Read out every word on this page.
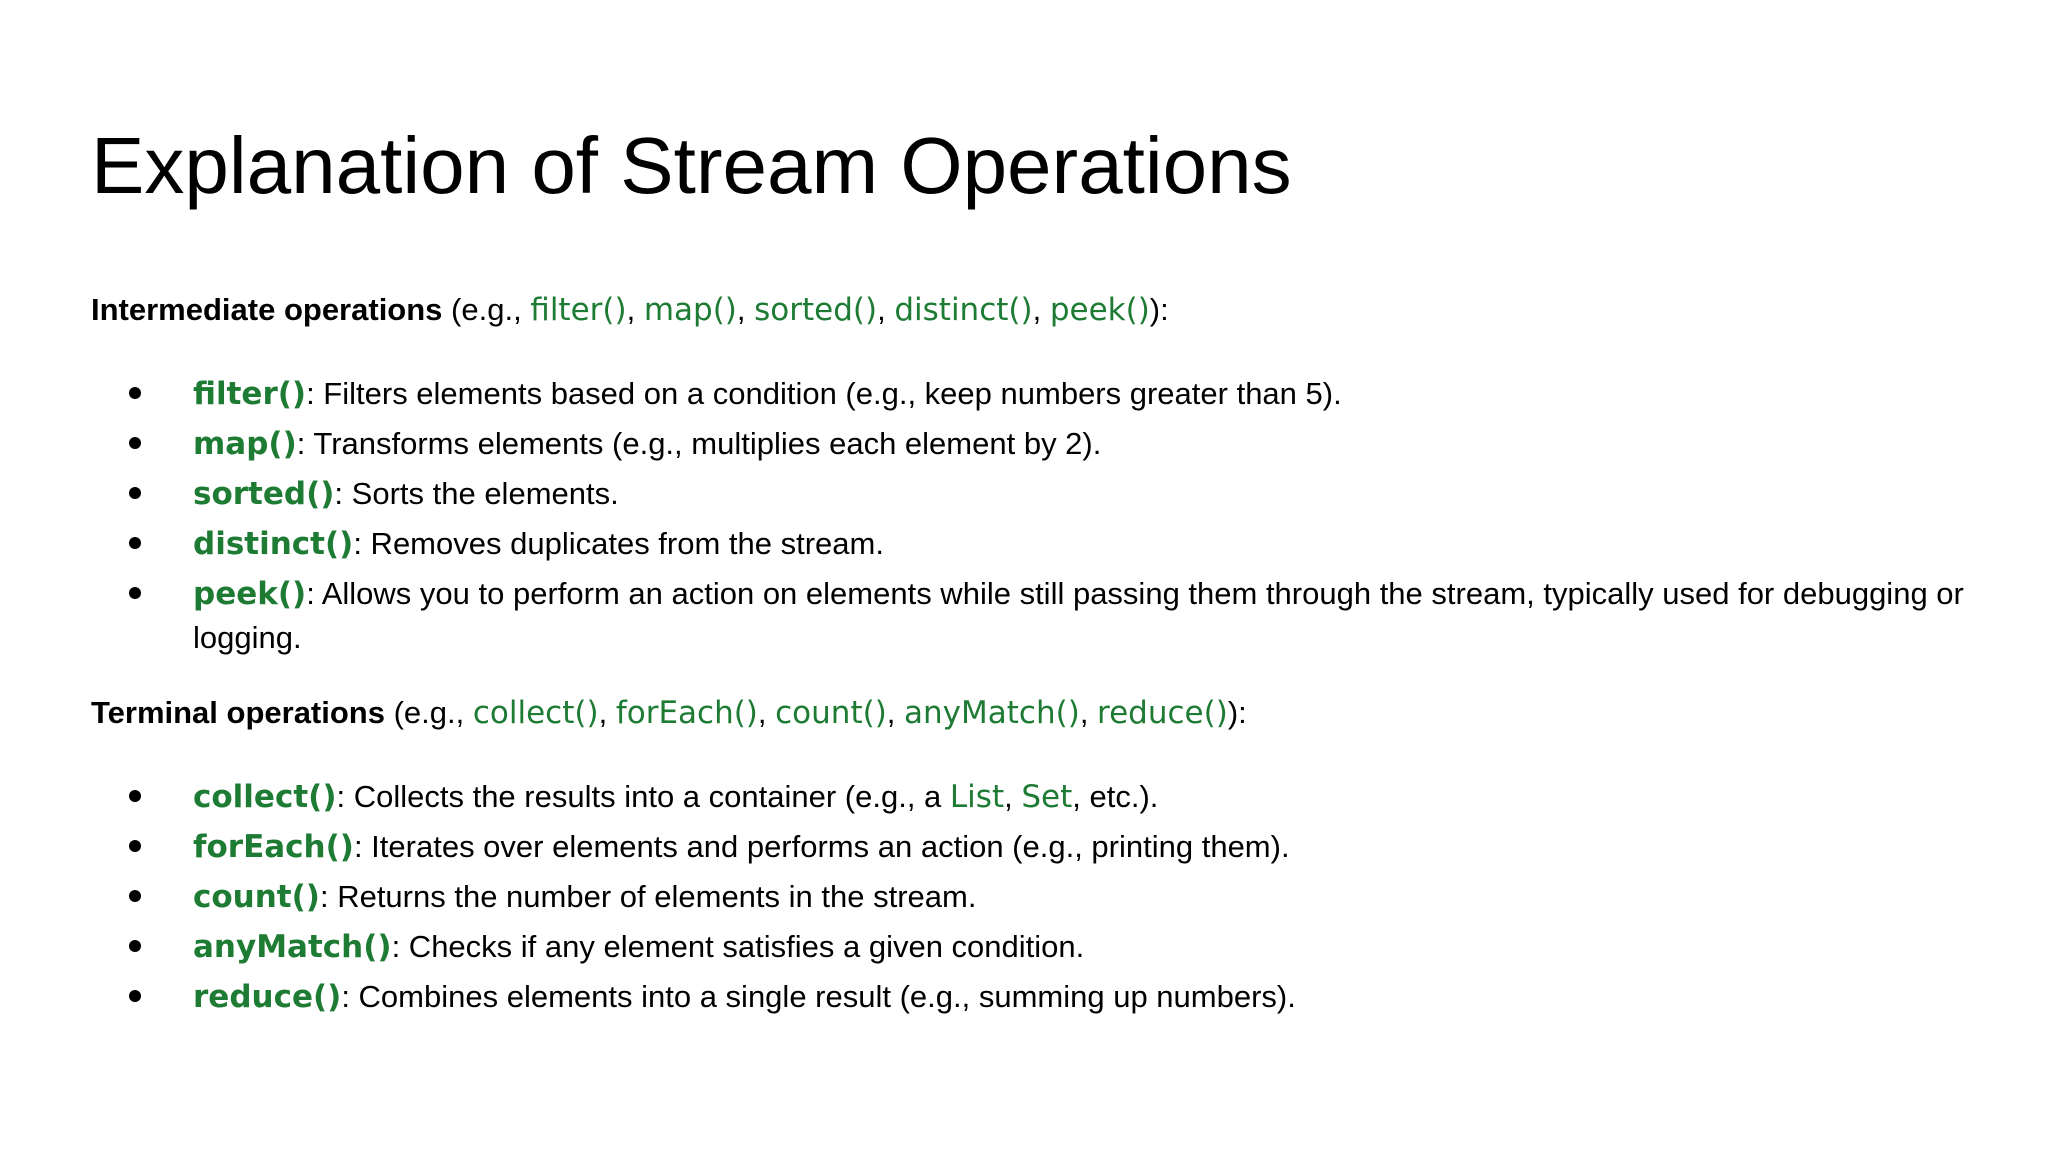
Explanation of Stream Operations

Intermediate operations (e.g., filter(), map(), sorted(), distinct(), peek()):

filter(): Filters elements based on a condition (e.g., keep numbers greater than 5).
map(): Transforms elements (e.g., multiplies each element by 2).
sorted(): Sorts the elements.
distinct(): Removes duplicates from the stream.
peek(): Allows you to perform an action on elements while still passing them through the stream, typically used for debugging or logging.

Terminal operations (e.g., collect(), forEach(), count(), anyMatch(), reduce()):

collect(): Collects the results into a container (e.g., a List, Set, etc.).
forEach(): Iterates over elements and performs an action (e.g., printing them).
count(): Returns the number of elements in the stream.
anyMatch(): Checks if any element satisfies a given condition.
reduce(): Combines elements into a single result (e.g., summing up numbers).
